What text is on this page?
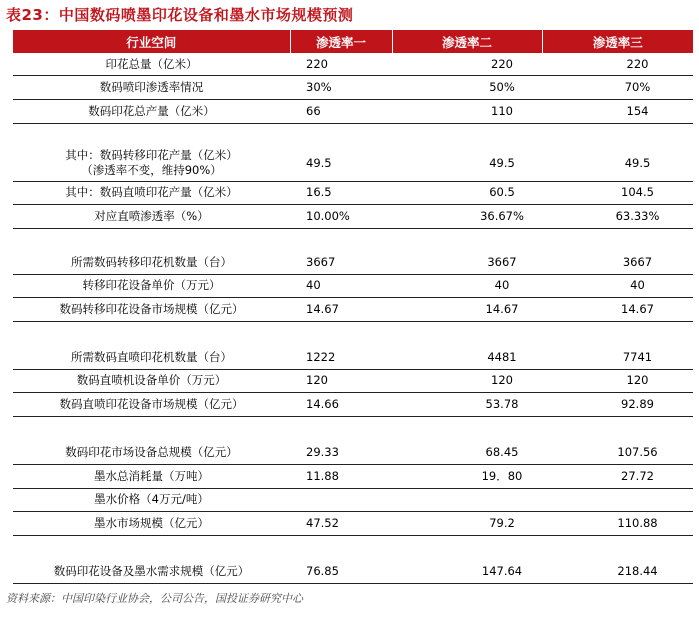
表23：中国数码喷墨印花设备和墨水市场规模预测
行业空间	渗透率一	渗透率二	渗透率三
印花总量（亿米）	220	220	220
数码喷印渗透率情况	30%	50%	70%
数码印花总产量（亿米）	66	110	154

其中：数码转移印花产量（亿米）
（渗透率不变，维持90%）	49.5	49.5	49.5
其中：数码直喷印花产量（亿米）	16.5	60.5	104.5
对应直喷渗透率（%）	10.00%	36.67%	63.33%

所需数码转移印花机数量（台）	3667	3667	3667
转移印花设备单价（万元）	40	40	40
数码转移印花设备市场规模（亿元）	14.67	14.67	14.67

所需数码直喷印花机数量（台）	1222	4481	7741
数码直喷机设备单价（万元）	120	120	120
数码直喷印花设备市场规模（亿元）	14.66	53.78	92.89

数码印花市场设备总规模（亿元）	29.33	68.45	107.56
墨水总消耗量（万吨）	11.88	19．80	27.72
墨水价格（4万元/吨）			
墨水市场规模（亿元）	47.52	79.2	110.88

数码印花设备及墨水需求规模（亿元）	76.85	147.64	218.44
资料来源：中国印染行业协会，公司公告，国投证券研究中心
